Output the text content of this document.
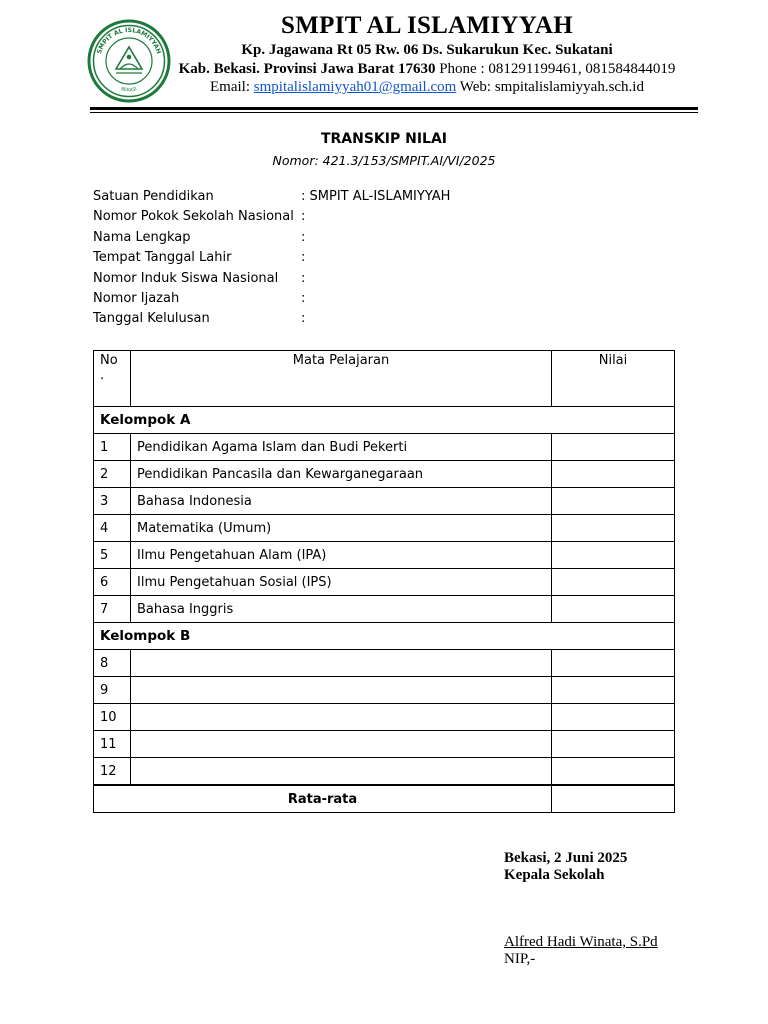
SMPIT AL ISLAMIYYAH
BEKASI
SMPIT AL ISLAMIYYAH
Kp. Jagawana Rt 05 Rw. 06 Ds. Sukarukun Kec. Sukatani
Kab. Bekasi. Provinsi Jawa Barat 17630 Phone : 081291199461, 081584844019
Email: smpitalislamiyyah01@gmail.com Web: smpitalislamiyyah.sch.id
TRANSKIP NILAI
Nomor: 421.3/153/SMPIT.AI/VI/2025
Satuan Pendidikan	: SMPIT AL-ISLAMIYYAH
Nomor Pokok Sekolah Nasional :
Nama Lengkap	:
Tempat Tanggal Lahir	:
Nomor Induk Siswa Nasional :
Nomor Ijazah	:
Tanggal Kelulusan	:
No .	Mata Pelajaran	Nilai
Kelompok A		
1	Pendidikan Agama Islam dan Budi Pekerti	
2	Pendidikan Pancasila dan Kewarganegaraan	
3	Bahasa Indonesia	
4	Matematika (Umum)	
5	Ilmu Pengetahuan Alam (IPA)	
6	Ilmu Pengetahuan Sosial (IPS)	
7	Bahasa Inggris	
Kelompok B		
8		
9		
10		
11		
12		
Rata-rata		
Bekasi, 2 Juni 2025
Kepala Sekolah
Alfred Hadi Winata, S.Pd
NIP,-
